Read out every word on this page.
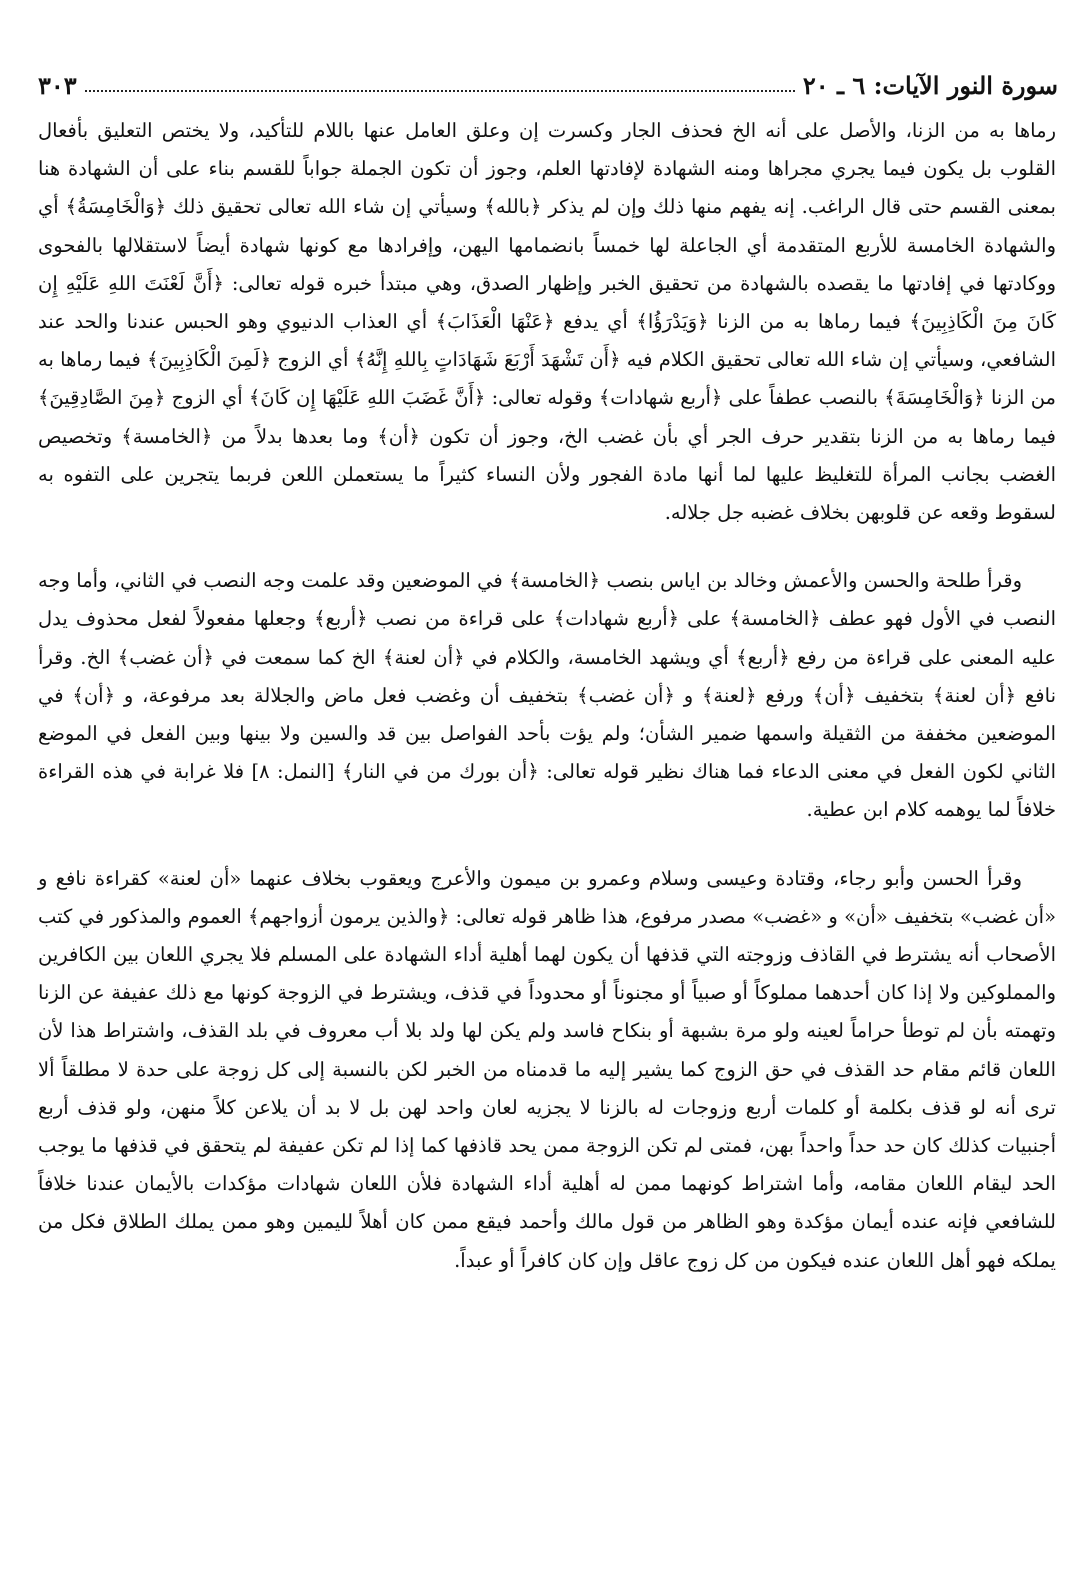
سورة النور الآيات: ٦ ـ ٢٠
٣٠٣

رماها به من الزنا، والأصل على أنه الخ فحذف الجار وكسرت إن وعلق العامل عنها باللام للتأكيد، ولا يختص التعليق بأفعال القلوب بل يكون فيما يجري مجراها ومنه الشهادة لإفادتها العلم، وجوز أن تكون الجملة جواباً للقسم بناء على أن الشهادة هنا بمعنى القسم حتى قال الراغب. إنه يفهم منها ذلك وإن لم يذكر ﴿بالله﴾ وسيأتي إن شاء الله تعالى تحقيق ذلك ﴿وَالْخَامِسَةُ﴾ أي والشهادة الخامسة للأربع المتقدمة أي الجاعلة لها خمساً بانضمامها اليهن، وإفرادها مع كونها شهادة أيضاً لاستقلالها بالفحوى ووكادتها في إفادتها ما يقصده بالشهادة من تحقيق الخبر وإظهار الصدق، وهي مبتدأ خبره قوله تعالى: ﴿أَنَّ لَعْنَتَ اللهِ عَلَيْهِ إِن كَانَ مِنَ الْكَاذِبِينَ﴾ فيما رماها به من الزنا ﴿وَيَدْرَؤُا﴾ أي يدفع ﴿عَنْهَا الْعَذَابَ﴾ أي العذاب الدنيوي وهو الحبس عندنا والحد عند الشافعي، وسيأتي إن شاء الله تعالى تحقيق الكلام فيه ﴿أَن تَشْهَدَ أَرْبَعَ شَهَادَاتٍ بِاللهِ إِنَّهُ﴾ أي الزوج ﴿لَمِنَ الْكَاذِبِينَ﴾ فيما رماها به من الزنا ﴿وَالْخَامِسَةَ﴾ بالنصب عطفاً على ﴿أربع شهادات﴾ وقوله تعالى: ﴿أَنَّ غَضَبَ اللهِ عَلَيْهَا إِن كَانَ﴾ أي الزوج ﴿مِنَ الصَّادِقِينَ﴾ فيما رماها به من الزنا بتقدير حرف الجر أي بأن غضب الخ، وجوز أن تكون ﴿أن﴾ وما بعدها بدلاً من ﴿الخامسة﴾ وتخصيص الغضب بجانب المرأة للتغليظ عليها لما أنها مادة الفجور ولأن النساء كثيراً ما يستعملن اللعن فربما يتجرين على التفوه به لسقوط وقعه عن قلوبهن بخلاف غضبه جل جلاله.

وقرأ طلحة والحسن والأعمش وخالد بن اياس بنصب ﴿الخامسة﴾ في الموضعين وقد علمت وجه النصب في الثاني، وأما وجه النصب في الأول فهو عطف ﴿الخامسة﴾ على ﴿أربع شهادات﴾ على قراءة من نصب ﴿أربع﴾ وجعلها مفعولاً لفعل محذوف يدل عليه المعنى على قراءة من رفع ﴿أربع﴾ أي ويشهد الخامسة، والكلام في ﴿أن لعنة﴾ الخ كما سمعت في ﴿أن غضب﴾ الخ. وقرأ نافع ﴿أن لعنة﴾ بتخفيف ﴿أن﴾ ورفع ﴿لعنة﴾ و ﴿أن غضب﴾ بتخفيف أن وغضب فعل ماض والجلالة بعد مرفوعة، و ﴿أن﴾ في الموضعين مخففة من الثقيلة واسمها ضمير الشأن؛ ولم يؤت بأحد الفواصل بين قد والسين ولا بينها وبين الفعل في الموضع الثاني لكون الفعل في معنى الدعاء فما هناك نظير قوله تعالى: ﴿أن بورك من في النار﴾ [النمل: ٨] فلا غرابة في هذه القراءة خلافاً لما يوهمه كلام ابن عطية.

وقرأ الحسن وأبو رجاء، وقتادة وعيسى وسلام وعمرو بن ميمون والأعرج ويعقوب بخلاف عنهما «أن لعنة» كقراءة نافع و «أن غضب» بتخفيف «أن» و «غضب» مصدر مرفوع، هذا ظاهر قوله تعالى: ﴿والذين يرمون أزواجهم﴾ العموم والمذكور في كتب الأصحاب أنه يشترط في القاذف وزوجته التي قذفها أن يكون لهما أهلية أداء الشهادة على المسلم فلا يجري اللعان بين الكافرين والمملوكين ولا إذا كان أحدهما مملوكاً أو صبياً أو مجنوناً أو محدوداً في قذف، ويشترط في الزوجة كونها مع ذلك عفيفة عن الزنا وتهمته بأن لم توطأ حراماً لعينه ولو مرة بشبهة أو بنكاح فاسد ولم يكن لها ولد بلا أب معروف في بلد القذف، واشتراط هذا لأن اللعان قائم مقام حد القذف في حق الزوج كما يشير إليه ما قدمناه من الخبر لكن بالنسبة إلى كل زوجة على حدة لا مطلقاً ألا ترى أنه لو قذف بكلمة أو كلمات أربع وزوجات له بالزنا لا يجزيه لعان واحد لهن بل لا بد أن يلاعن كلاً منهن، ولو قذف أربع أجنبيات كذلك كان حد حداً واحداً بهن، فمتى لم تكن الزوجة ممن يحد قاذفها كما إذا لم تكن عفيفة لم يتحقق في قذفها ما يوجب الحد ليقام اللعان مقامه، وأما اشتراط كونهما ممن له أهلية أداء الشهادة فلأن اللعان شهادات مؤكدات بالأيمان عندنا خلافاً للشافعي فإنه عنده أيمان مؤكدة وهو الظاهر من قول مالك وأحمد فيقع ممن كان أهلاً لليمين وهو ممن يملك الطلاق فكل من يملكه فهو أهل اللعان عنده فيكون من كل زوج عاقل وإن كان كافراً أو عبداً.
